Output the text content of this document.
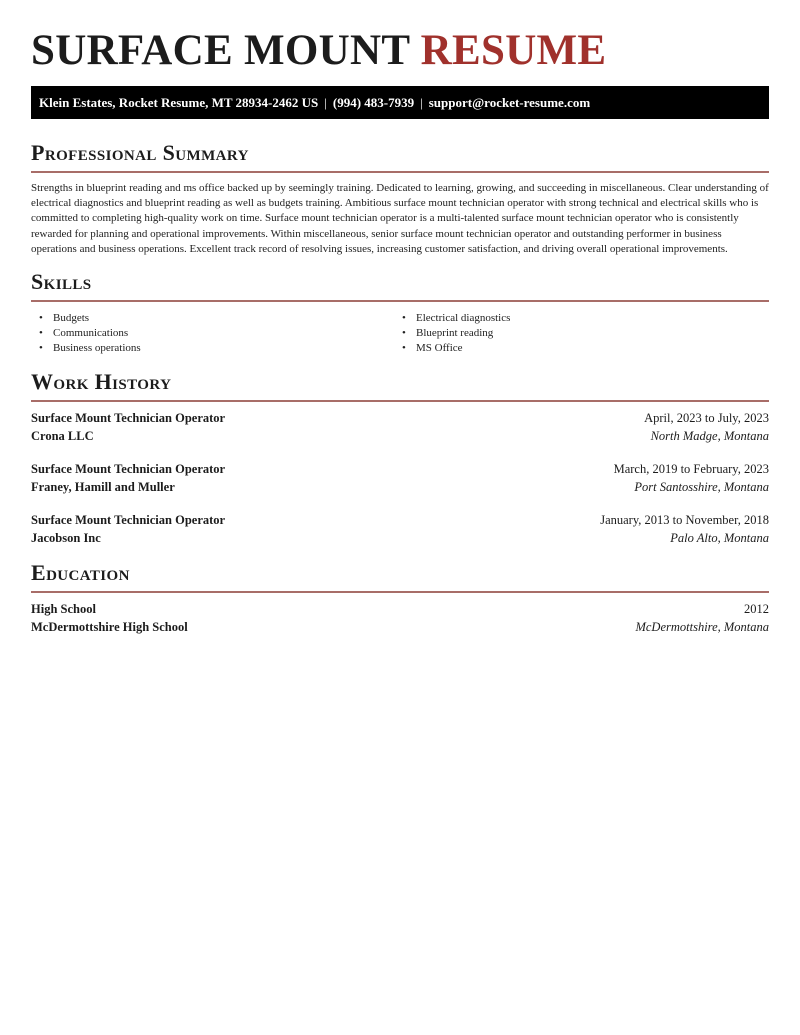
SURFACE MOUNT RESUME
Klein Estates, Rocket Resume, MT 28934-2462 US | (994) 483-7939 | support@rocket-resume.com
Professional Summary

Strengths in blueprint reading and ms office backed up by seemingly training. Dedicated to learning, growing, and succeeding in miscellaneous. Clear understanding of electrical diagnostics and blueprint reading as well as budgets training. Ambitious surface mount technician operator with strong technical and electrical skills who is committed to completing high-quality work on time. Surface mount technician operator is a multi-talented surface mount technician operator who is consistently rewarded for planning and operational improvements. Within miscellaneous, senior surface mount technician operator and outstanding performer in business operations and business operations. Excellent track record of resolving issues, increasing customer satisfaction, and driving overall operational improvements.

Skills
• Budgets
• Communications
• Business operations
• Electrical diagnostics
• Blueprint reading
• MS Office
Work History
Surface Mount Technician Operator	April, 2023 to July, 2023
Crona LLC	North Madge, Montana
Surface Mount Technician Operator	March, 2019 to February, 2023
Franey, Hamill and Muller	Port Santosshire, Montana
Surface Mount Technician Operator	January, 2013 to November, 2018
Jacobson Inc	Palo Alto, Montana
Education
High School	2012
McDermottshire High School	McDermottshire, Montana
